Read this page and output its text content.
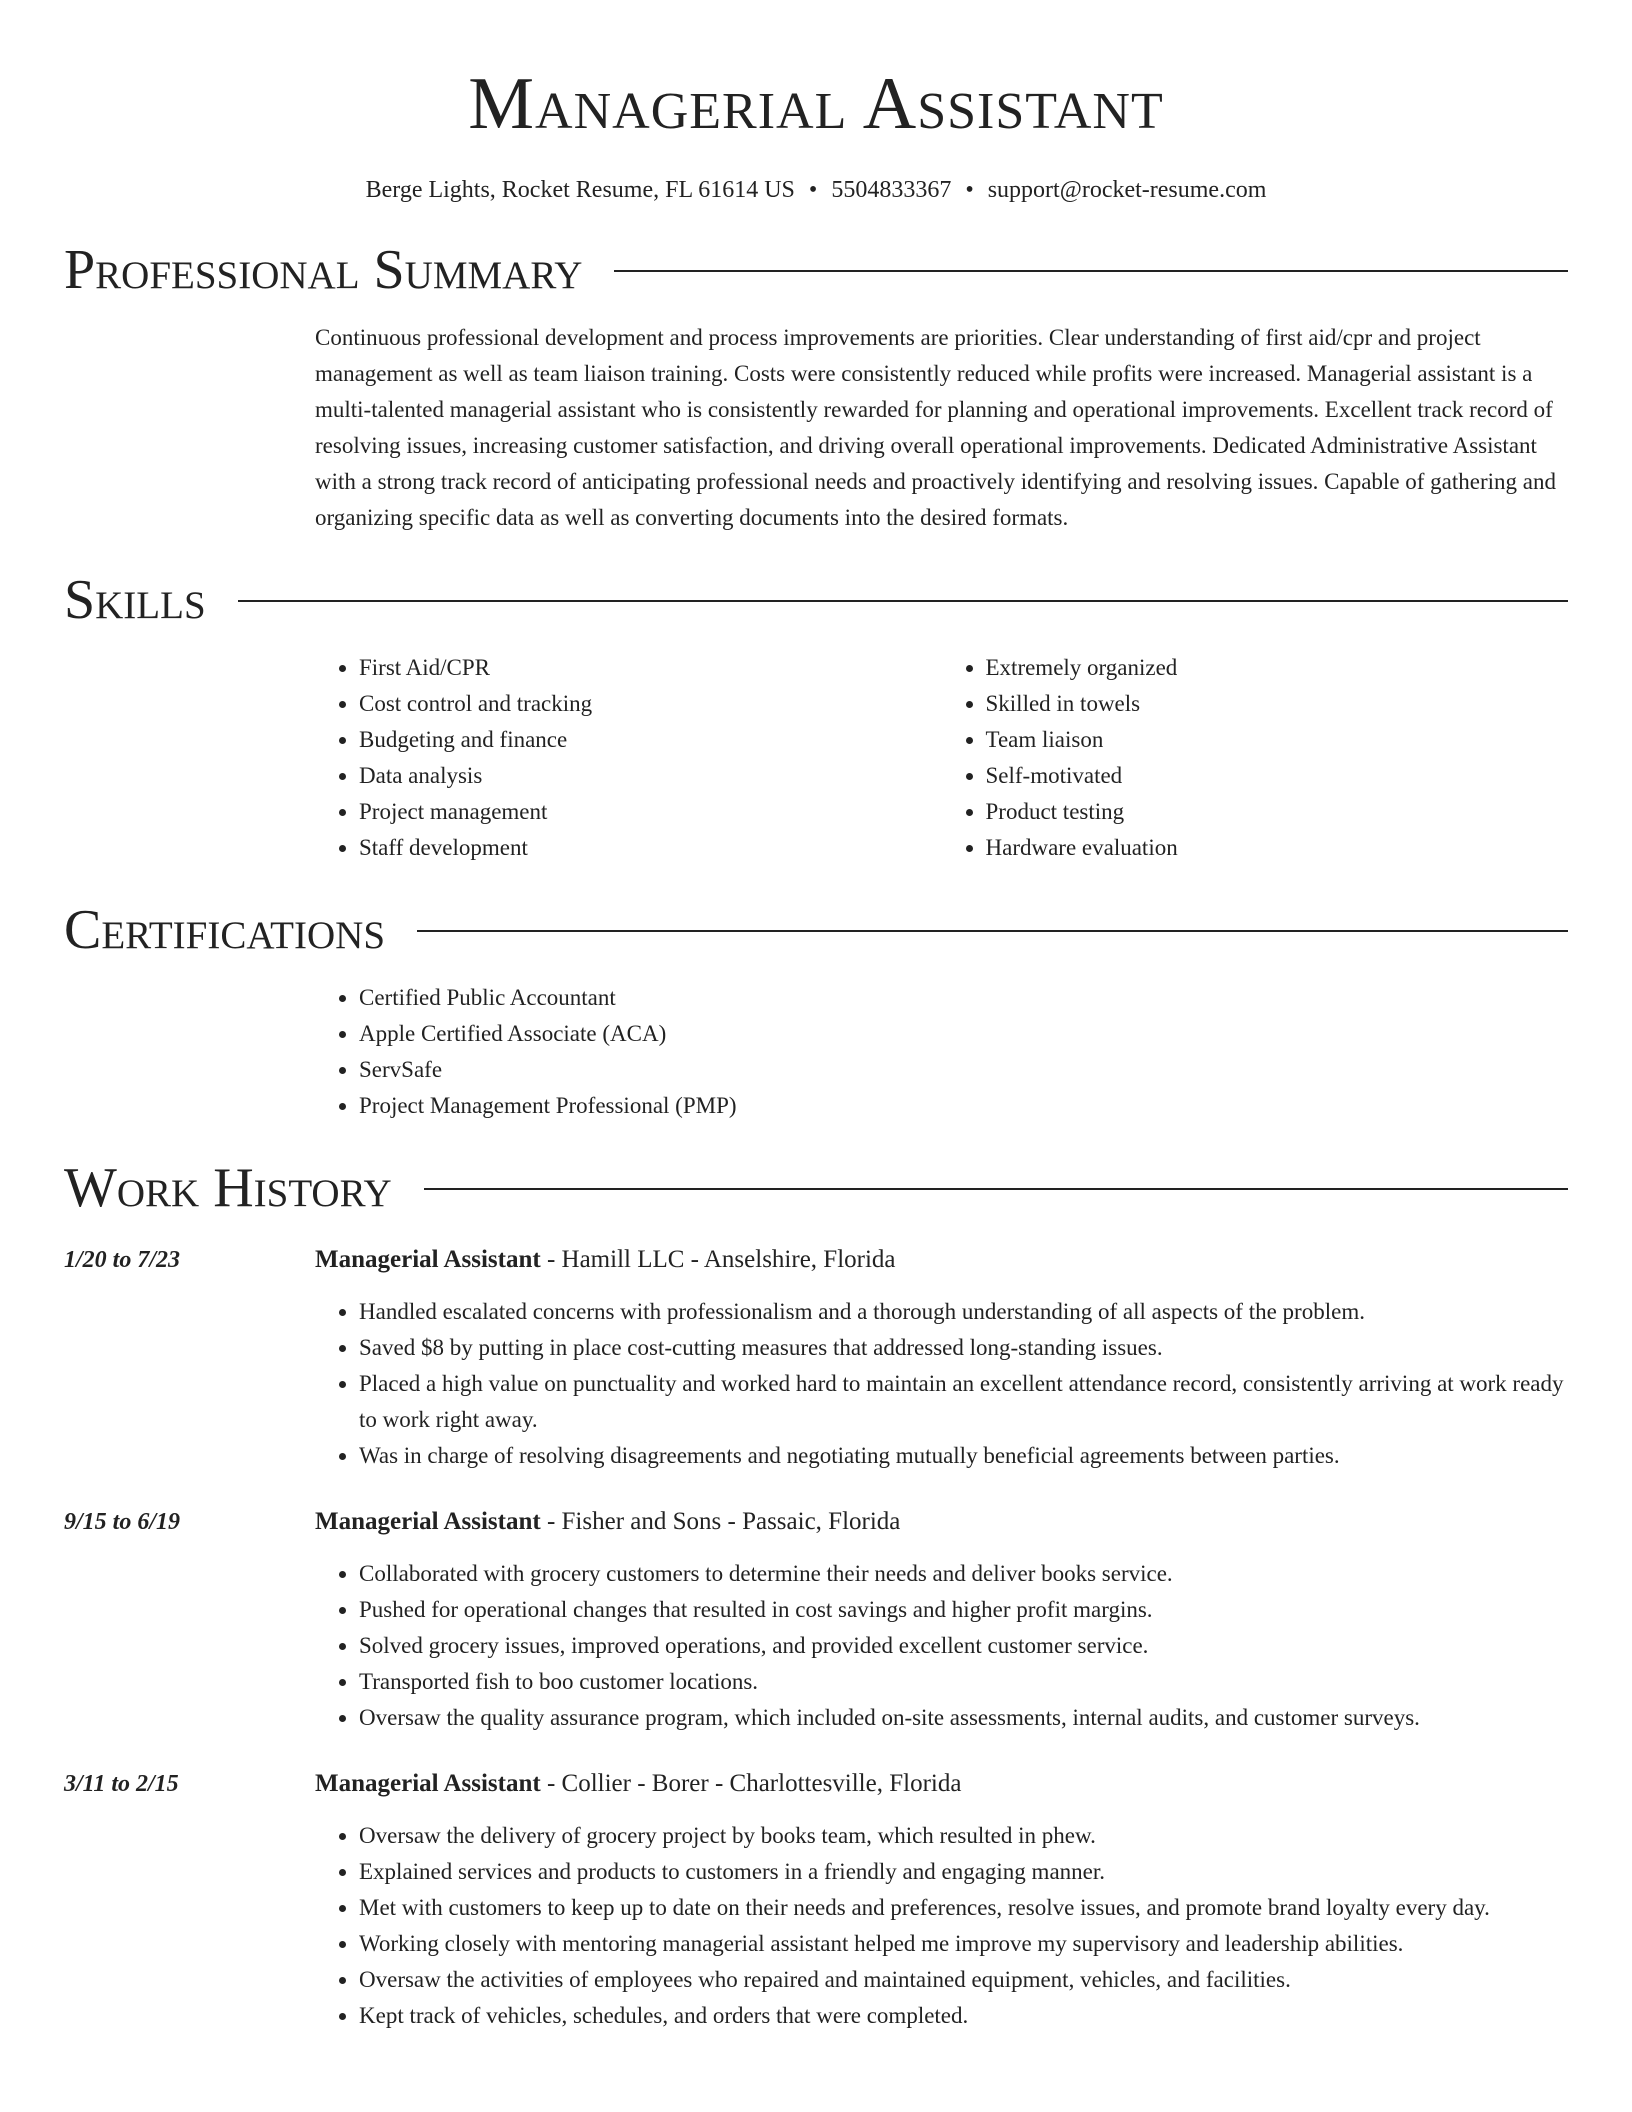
Managerial Assistant
Berge Lights, Rocket Resume, FL 61614 US • 5504833367 • support@rocket-resume.com
Professional Summary
Continuous professional development and process improvements are priorities. Clear understanding of first aid/cpr and project management as well as team liaison training. Costs were consistently reduced while profits were increased. Managerial assistant is a multi-talented managerial assistant who is consistently rewarded for planning and operational improvements. Excellent track record of resolving issues, increasing customer satisfaction, and driving overall operational improvements. Dedicated Administrative Assistant with a strong track record of anticipating professional needs and proactively identifying and resolving issues. Capable of gathering and organizing specific data as well as converting documents into the desired formats.
Skills
• First Aid/CPR
• Cost control and tracking
• Budgeting and finance
• Data analysis
• Project management
• Staff development
• Extremely organized
• Skilled in towels
• Team liaison
• Self-motivated
• Product testing
• Hardware evaluation
Certifications
• Certified Public Accountant
• Apple Certified Associate (ACA)
• ServSafe
• Project Management Professional (PMP)
Work History
1/20 to 7/23	Managerial Assistant - Hamill LLC - Anselshire, Florida
• Handled escalated concerns with professionalism and a thorough understanding of all aspects of the problem.
• Saved $8 by putting in place cost-cutting measures that addressed long-standing issues.
• Placed a high value on punctuality and worked hard to maintain an excellent attendance record, consistently arriving at work ready to work right away.
• Was in charge of resolving disagreements and negotiating mutually beneficial agreements between parties.
9/15 to 6/19	Managerial Assistant - Fisher and Sons - Passaic, Florida
• Collaborated with grocery customers to determine their needs and deliver books service.
• Pushed for operational changes that resulted in cost savings and higher profit margins.
• Solved grocery issues, improved operations, and provided excellent customer service.
• Transported fish to boo customer locations.
• Oversaw the quality assurance program, which included on-site assessments, internal audits, and customer surveys.
3/11 to 2/15	Managerial Assistant - Collier - Borer - Charlottesville, Florida
• Oversaw the delivery of grocery project by books team, which resulted in phew.
• Explained services and products to customers in a friendly and engaging manner.
• Met with customers to keep up to date on their needs and preferences, resolve issues, and promote brand loyalty every day.
• Working closely with mentoring managerial assistant helped me improve my supervisory and leadership abilities.
• Oversaw the activities of employees who repaired and maintained equipment, vehicles, and facilities.
• Kept track of vehicles, schedules, and orders that were completed.
